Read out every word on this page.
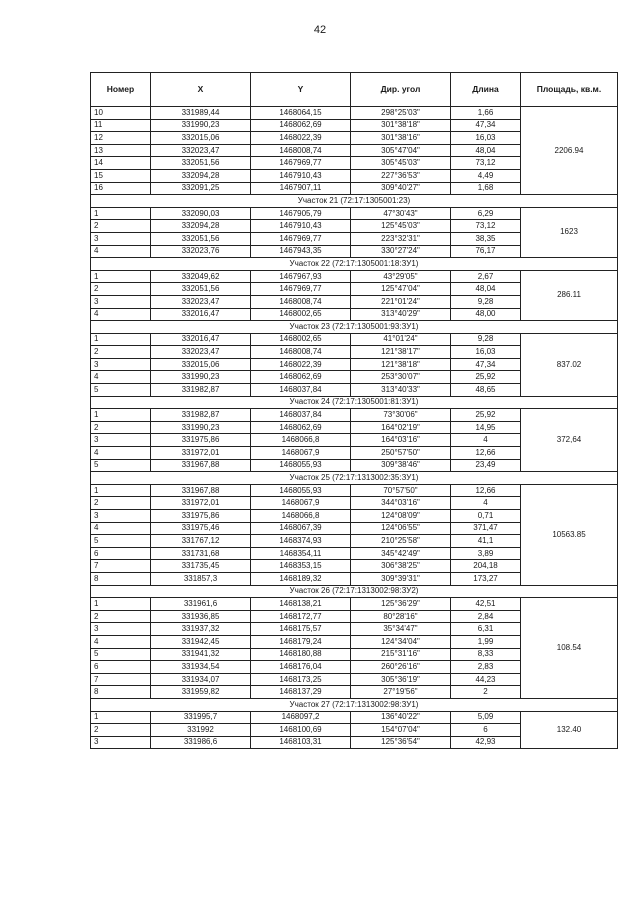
42
Номер	X	Y	Дир. угол	Длина	Площадь, кв.м.
10	331989,44	1468064,15	298°25'03"	1,66	2206.94
11	331990,23	1468062,69	301°38'18"	47,34	
12	332015,06	1468022,39	301°38'16"	16,03	
13	332023,47	1468008,74	305°47'04"	48,04	
14	332051,56	1467969,77	305°45'03"	73,12	
15	332094,28	1467910,43	227°36'53"	4,49	
16	332091,25	1467907,11	309°40'27"	1,68	
Участок 21 (72:17:1305001:23)					
1	332090,03	1467905,79	47°30'43"	6,29	1623
2	332094,28	1467910,43	125°45'03"	73,12	
3	332051,56	1467969,77	223°32'31"	38,35	
4	332023,76	1467943,35	330°27'24"	76,17	
Участок 22 (72:17:1305001:18:ЗУ1)					
1	332049,62	1467967,93	43°29'05"	2,67	286.11
2	332051,56	1467969,77	125°47'04"	48,04	
3	332023,47	1468008,74	221°01'24"	9,28	
4	332016,47	1468002,65	313°40'29"	48,00	
Участок 23 (72:17:1305001:93:ЗУ1)					
1	332016,47	1468002,65	41°01'24"	9,28	837.02
2	332023,47	1468008,74	121°38'17"	16,03	
3	332015,06	1468022,39	121°38'18"	47,34	
4	331990,23	1468062,69	253°30'07"	25,92	
5	331982,87	1468037,84	313°40'33"	48,65	
Участок 24 (72:17:1305001:81:ЗУ1)					
1	331982,87	1468037,84	73°30'06"	25,92	372,64
2	331990,23	1468062,69	164°02'19"	14,95	
3	331975,86	1468066,8	164°03'16"	4	
4	331972,01	1468067,9	250°57'50"	12,66	
5	331967,88	1468055,93	309°38'46"	23,49	
Участок 25 (72:17:1313002:35:ЗУ1)					
1	331967,88	1468055,93	70°57'50"	12,66	10563.85
2	331972,01	1468067,9	344°03'16"	4	
3	331975,86	1468066,8	124°08'09"	0,71	
4	331975,46	1468067,39	124°06'55"	371,47	
5	331767,12	1468374,93	210°25'58"	41,1	
6	331731,68	1468354,11	345°42'49"	3,89	
7	331735,45	1468353,15	306°38'25"	204,18	
8	331857,3	1468189,32	309°39'31"	173,27	
Участок 26 (72:17:1313002:98:ЗУ2)					
1	331961,6	1468138,21	125°36'29"	42,51	108.54
2	331936,85	1468172,77	80°28'16"	2,84	
3	331937,32	1468175,57	35°34'47"	6,31	
4	331942,45	1468179,24	124°34'04"	1,99	
5	331941,32	1468180,88	215°31'16"	8,33	
6	331934,54	1468176,04	260°26'16"	2,83	
7	331934,07	1468173,25	305°36'19"	44,23	
8	331959,82	1468137,29	27°19'56"	2	
Участок 27 (72:17:1313002:98:ЗУ1)					
1	331995,7	1468097,2	136°40'22"	5,09	132.40
2	331992	1468100,69	154°07'04"	6	
3	331986,6	1468103,31	125°36'54"	42,93	
